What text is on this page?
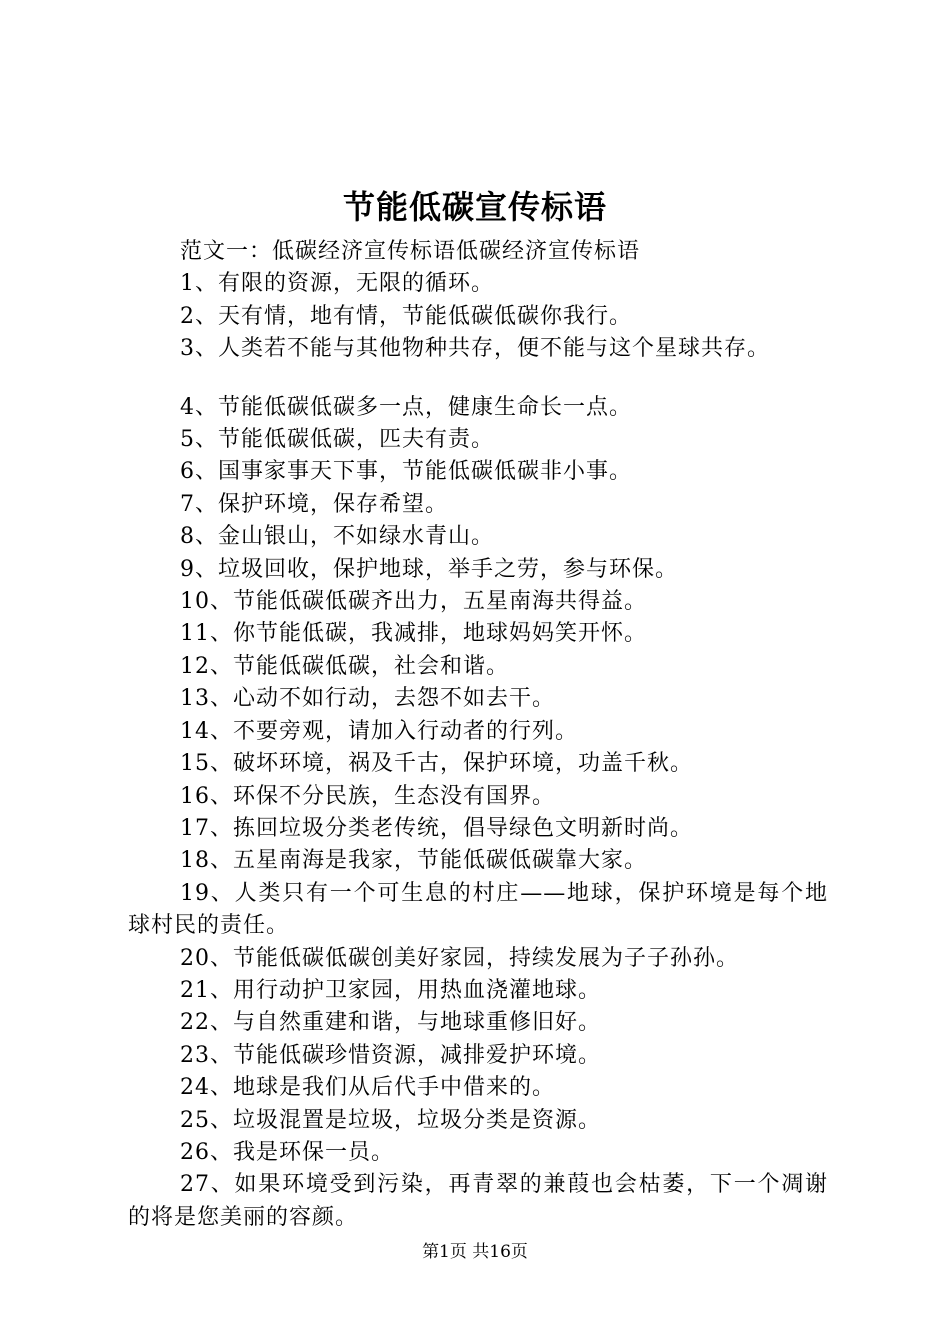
节能低碳宣传标语
范文一：低碳经济宣传标语低碳经济宣传标语
1、有限的资源，无限的循环。
2、天有情，地有情，节能低碳低碳你我行。
3、人类若不能与其他物种共存，便不能与这个星球共存。
4、节能低碳低碳多一点，健康生命长一点。
5、节能低碳低碳，匹夫有责。
6、国事家事天下事，节能低碳低碳非小事。
7、保护环境，保存希望。
8、金山银山，不如绿水青山。
9、垃圾回收，保护地球，举手之劳，参与环保。
10、节能低碳低碳齐出力，五星南海共得益。
11、你节能低碳，我减排，地球妈妈笑开怀。
12、节能低碳低碳，社会和谐。
13、心动不如行动，去怨不如去干。
14、不要旁观，请加入行动者的行列。
15、破坏环境，祸及千古，保护环境，功盖千秋。
16、环保不分民族，生态没有国界。
17、拣回垃圾分类老传统，倡导绿色文明新时尚。
18、五星南海是我家，节能低碳低碳靠大家。
19、人类只有一个可生息的村庄——地球，保护环境是每个地球村民的责任。
20、节能低碳低碳创美好家园，持续发展为子子孙孙。
21、用行动护卫家园，用热血浇灌地球。
22、与自然重建和谐，与地球重修旧好。
23、节能低碳珍惜资源，减排爱护环境。
24、地球是我们从后代手中借来的。
25、垃圾混置是垃圾，垃圾分类是资源。
26、我是环保一员。
27、如果环境受到污染，再青翠的兼葭也会枯萎，下一个凋谢的将是您美丽的容颜。
第1页 共16页
